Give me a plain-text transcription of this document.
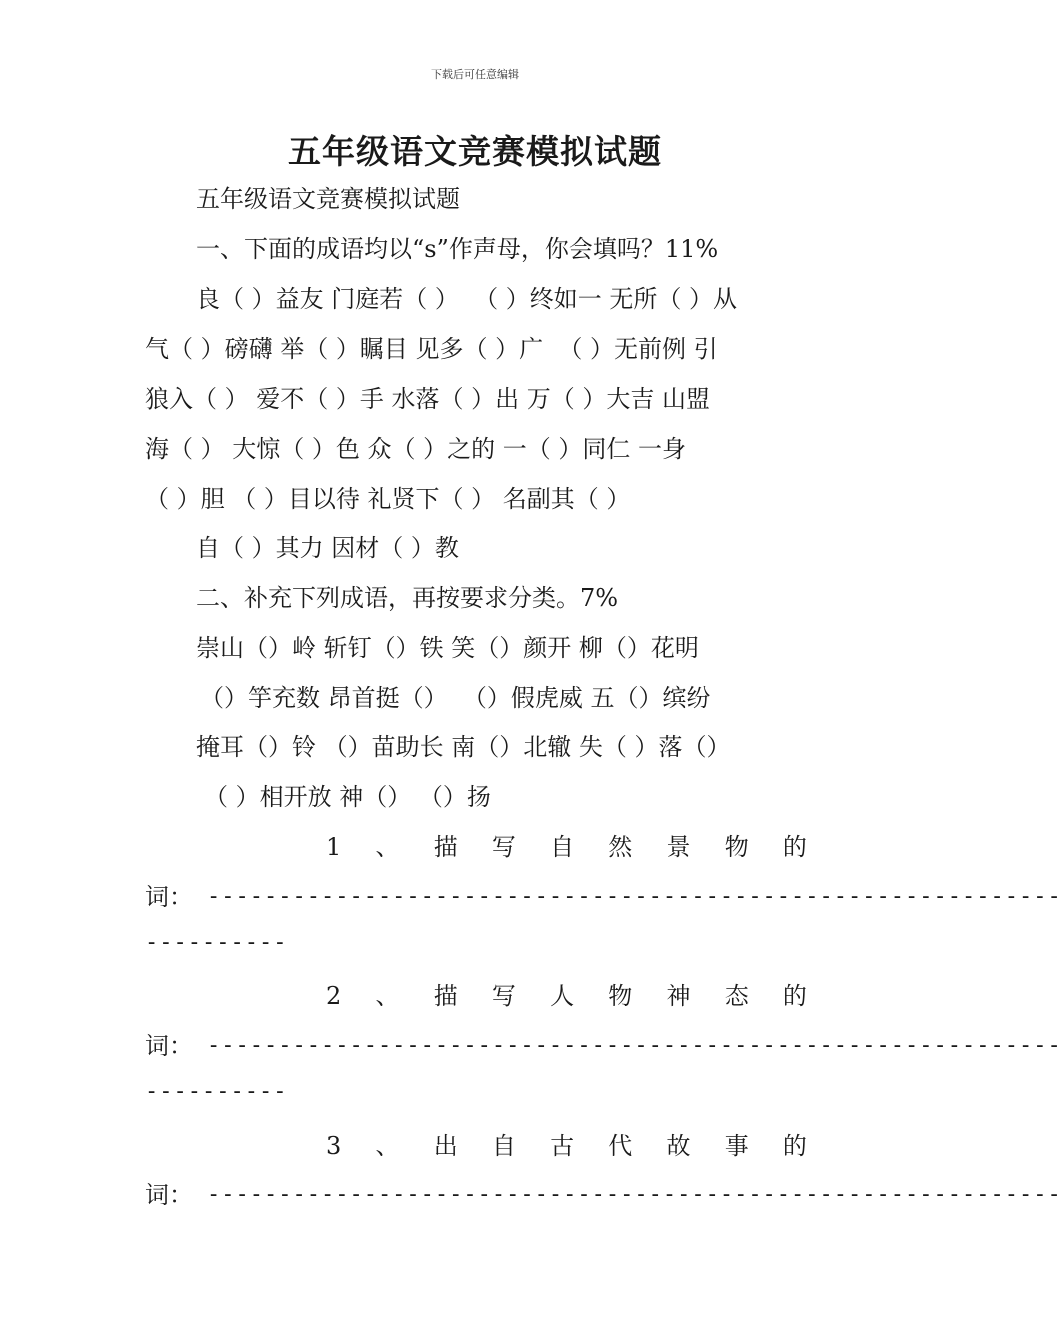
下载后可任意编辑
五年级语文竞赛模拟试题
五年级语文竞赛模拟试题
一、下面的成语均以“s”作声母，你会填吗？11%
良（ ）益友 门庭若（ ）  （ ）终如一 无所（ ）从
气（ ）磅礴 举（ ）瞩目 见多（ ）广  （ ）无前例 引
狼入（ ） 爱不（ ）手 水落（ ）出 万（ ）大吉 山盟
海（ ） 大惊（ ）色 众（ ）之的 一（ ）同仁 一身
（ ）胆 （ ）目以待 礼贤下（ ） 名副其（ ）
自（ ）其力 因材（ ）教
二、补充下列成语，再按要求分类。7%
崇山（）岭 斩钉（）铁 笑（）颜开 柳（）花明
（）竽充数 昂首挺（）  （）假虎威 五（）缤纷
掩耳（）铃 （）苗助长 南（）北辙 失（ ）落（）
（ ）相开放 神（） （）扬
1 、 描 写 自 然 景 物 的
词： ------------------------------------------------------------
----------
2 、 描 写 人 物 神 态 的
词： ------------------------------------------------------------
----------
3 、 出 自 古 代 故 事 的
词： ------------------------------------------------------------
